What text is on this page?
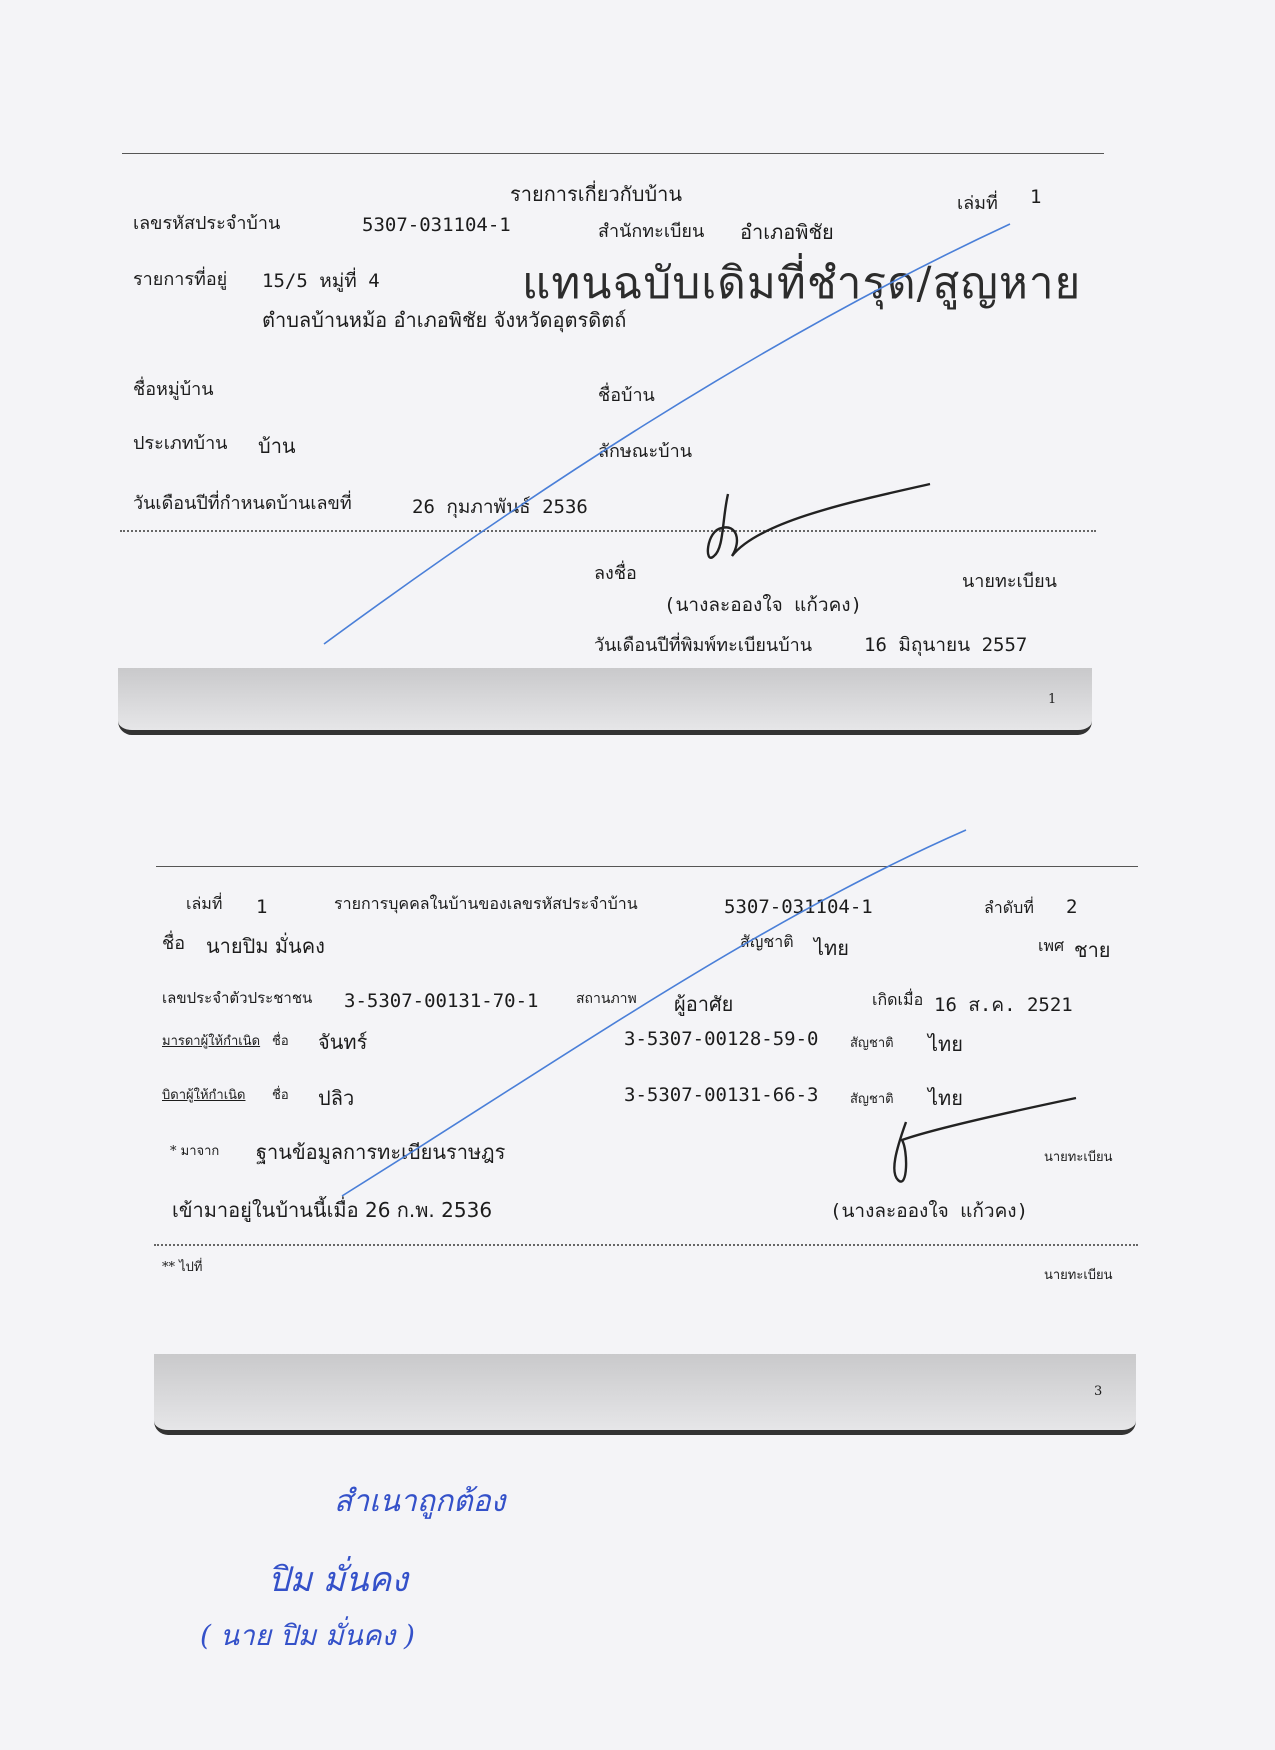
รายการเกี่ยวกับบ้าน	เล่มที่ 1
เลขรหัสประจำบ้าน	5307-031104-1	สำนักทะเบียน อำเภอพิชัย
รายการที่อยู่ 15/5 หมู่ที่ 4
ตำบลบ้านหม้อ อำเภอพิชัย จังหวัดอุตรดิตถ์
แทนฉบับเดิมที่ชำรุด/สูญหาย
ชื่อหมู่บ้าน	ชื่อบ้าน
ประเภทบ้าน บ้าน	ลักษณะบ้าน
วันเดือนปีที่กำหนดบ้านเลขที่	26 กุมภาพันธ์ 2536
ลงชื่อ	นายทะเบียน
(นางละอองใจ แก้วคง)
วันเดือนปีที่พิมพ์ทะเบียนบ้าน	16 มิถุนายน 2557
1
เล่มที่ 1	รายการบุคคลในบ้านของเลขรหัสประจำบ้าน	5307-031104-1	ลำดับที่ 2
ชื่อ นายปิม มั่นคง	สัญชาติ ไทย	เพศ ชาย
เลขประจำตัวประชาชน 3-5307-00131-70-1	สถานภาพ ผู้อาศัย	เกิดเมื่อ 16 ส.ค. 2521
มารดาผู้ให้กำเนิด ชื่อ จันทร์	3-5307-00128-59-0 สัญชาติ ไทย
บิดาผู้ให้กำเนิด ชื่อ ปลิว	3-5307-00131-66-3 สัญชาติ ไทย
* มาจาก ฐานข้อมูลการทะเบียนราษฎร	นายทะเบียน
เข้ามาอยู่ในบ้านนี้เมื่อ 26 ก.พ. 2536	(นางละอองใจ แก้วคง)
** ไปที่
นายทะเบียน
3
สำเนาถูกต้อง
ปิม มั่นคง
( นาย ปิม มั่นคง )
